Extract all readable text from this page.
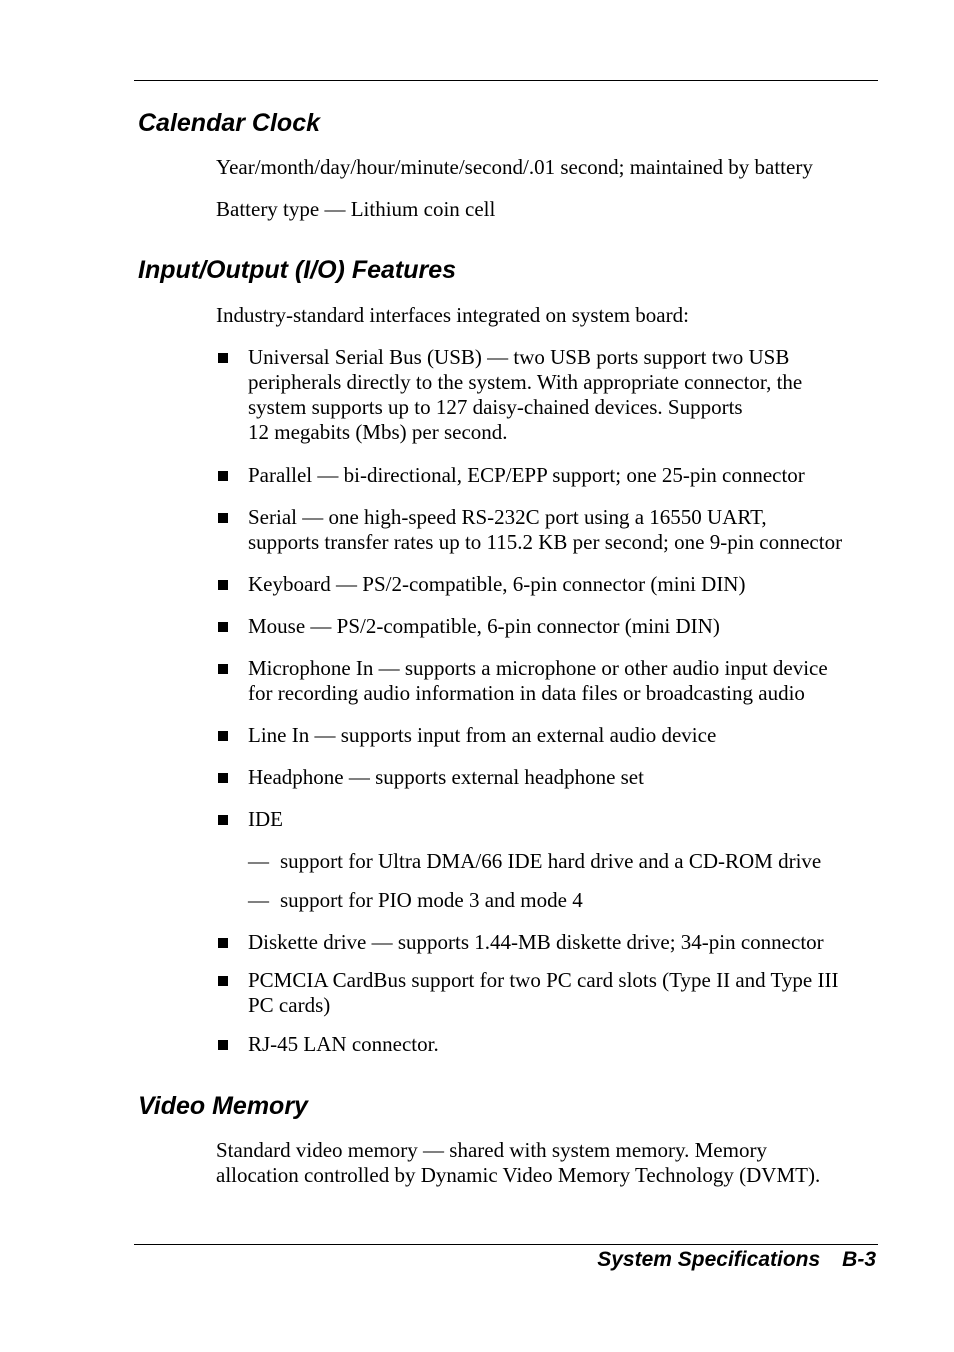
Calendar Clock

Year/month/day/hour/minute/second/.01 second; maintained by battery

Battery type — Lithium coin cell

Input/Output (I/O) Features

Industry-standard interfaces integrated on system board:

Universal Serial Bus (USB) — two USB ports support two USB
peripherals directly to the system. With appropriate connector, the
system supports up to 127 daisy-chained devices. Supports
12 megabits (Mbs) per second.

Parallel — bi-directional, ECP/EPP support; one 25-pin connector

Serial — one high-speed RS-232C port using a 16550 UART,
supports transfer rates up to 115.2 KB per second; one 9-pin connector

Keyboard — PS/2-compatible, 6-pin connector (mini DIN)

Mouse — PS/2-compatible, 6-pin connector (mini DIN)

Microphone In — supports a microphone or other audio input device
for recording audio information in data files or broadcasting audio

Line In — supports input from an external audio device

Headphone — supports external headphone set

IDE

— support for Ultra DMA/66 IDE hard drive and a CD-ROM drive

— support for PIO mode 3 and mode 4

Diskette drive — supports 1.44-MB diskette drive; 34-pin connector

PCMCIA CardBus support for two PC card slots (Type II and Type III
PC cards)

RJ-45 LAN connector.

Video Memory

Standard video memory — shared with system memory. Memory
allocation controlled by Dynamic Video Memory Technology (DVMT).

System Specifications B-3
